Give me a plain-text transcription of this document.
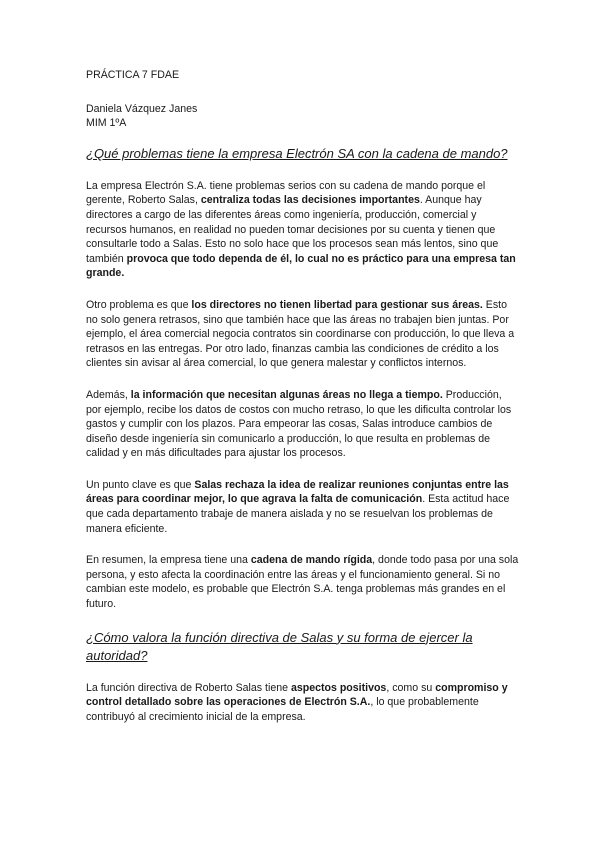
PRÁCTICA 7 FDAE

Daniela Vázquez Janes

MIM 1ºA

¿Qué problemas tiene la empresa Electrón SA con la cadena de mando?

La empresa Electrón S.A. tiene problemas serios con su cadena de mando porque el gerente, Roberto Salas, centraliza todas las decisiones importantes. Aunque hay directores a cargo de las diferentes áreas como ingeniería, producción, comercial y recursos humanos, en realidad no pueden tomar decisiones por su cuenta y tienen que consultarle todo a Salas. Esto no solo hace que los procesos sean más lentos, sino que también provoca que todo dependa de él, lo cual no es práctico para una empresa tan grande.

Otro problema es que los directores no tienen libertad para gestionar sus áreas. Esto no solo genera retrasos, sino que también hace que las áreas no trabajen bien juntas. Por ejemplo, el área comercial negocia contratos sin coordinarse con producción, lo que lleva a retrasos en las entregas. Por otro lado, finanzas cambia las condiciones de crédito a los clientes sin avisar al área comercial, lo que genera malestar y conflictos internos.

Además, la información que necesitan algunas áreas no llega a tiempo. Producción, por ejemplo, recibe los datos de costos con mucho retraso, lo que les dificulta controlar los gastos y cumplir con los plazos. Para empeorar las cosas, Salas introduce cambios de diseño desde ingeniería sin comunicarlo a producción, lo que resulta en problemas de calidad y en más dificultades para ajustar los procesos.

Un punto clave es que Salas rechaza la idea de realizar reuniones conjuntas entre las áreas para coordinar mejor, lo que agrava la falta de comunicación. Esta actitud hace que cada departamento trabaje de manera aislada y no se resuelvan los problemas de manera eficiente.

En resumen, la empresa tiene una cadena de mando rígida, donde todo pasa por una sola persona, y esto afecta la coordinación entre las áreas y el funcionamiento general. Si no cambian este modelo, es probable que Electrón S.A. tenga problemas más grandes en el futuro.

¿Cómo valora la función directiva de Salas y su forma de ejercer la autoridad?

La función directiva de Roberto Salas tiene aspectos positivos, como su compromiso y control detallado sobre las operaciones de Electrón S.A., lo que probablemente contribuyó al crecimiento inicial de la empresa.
